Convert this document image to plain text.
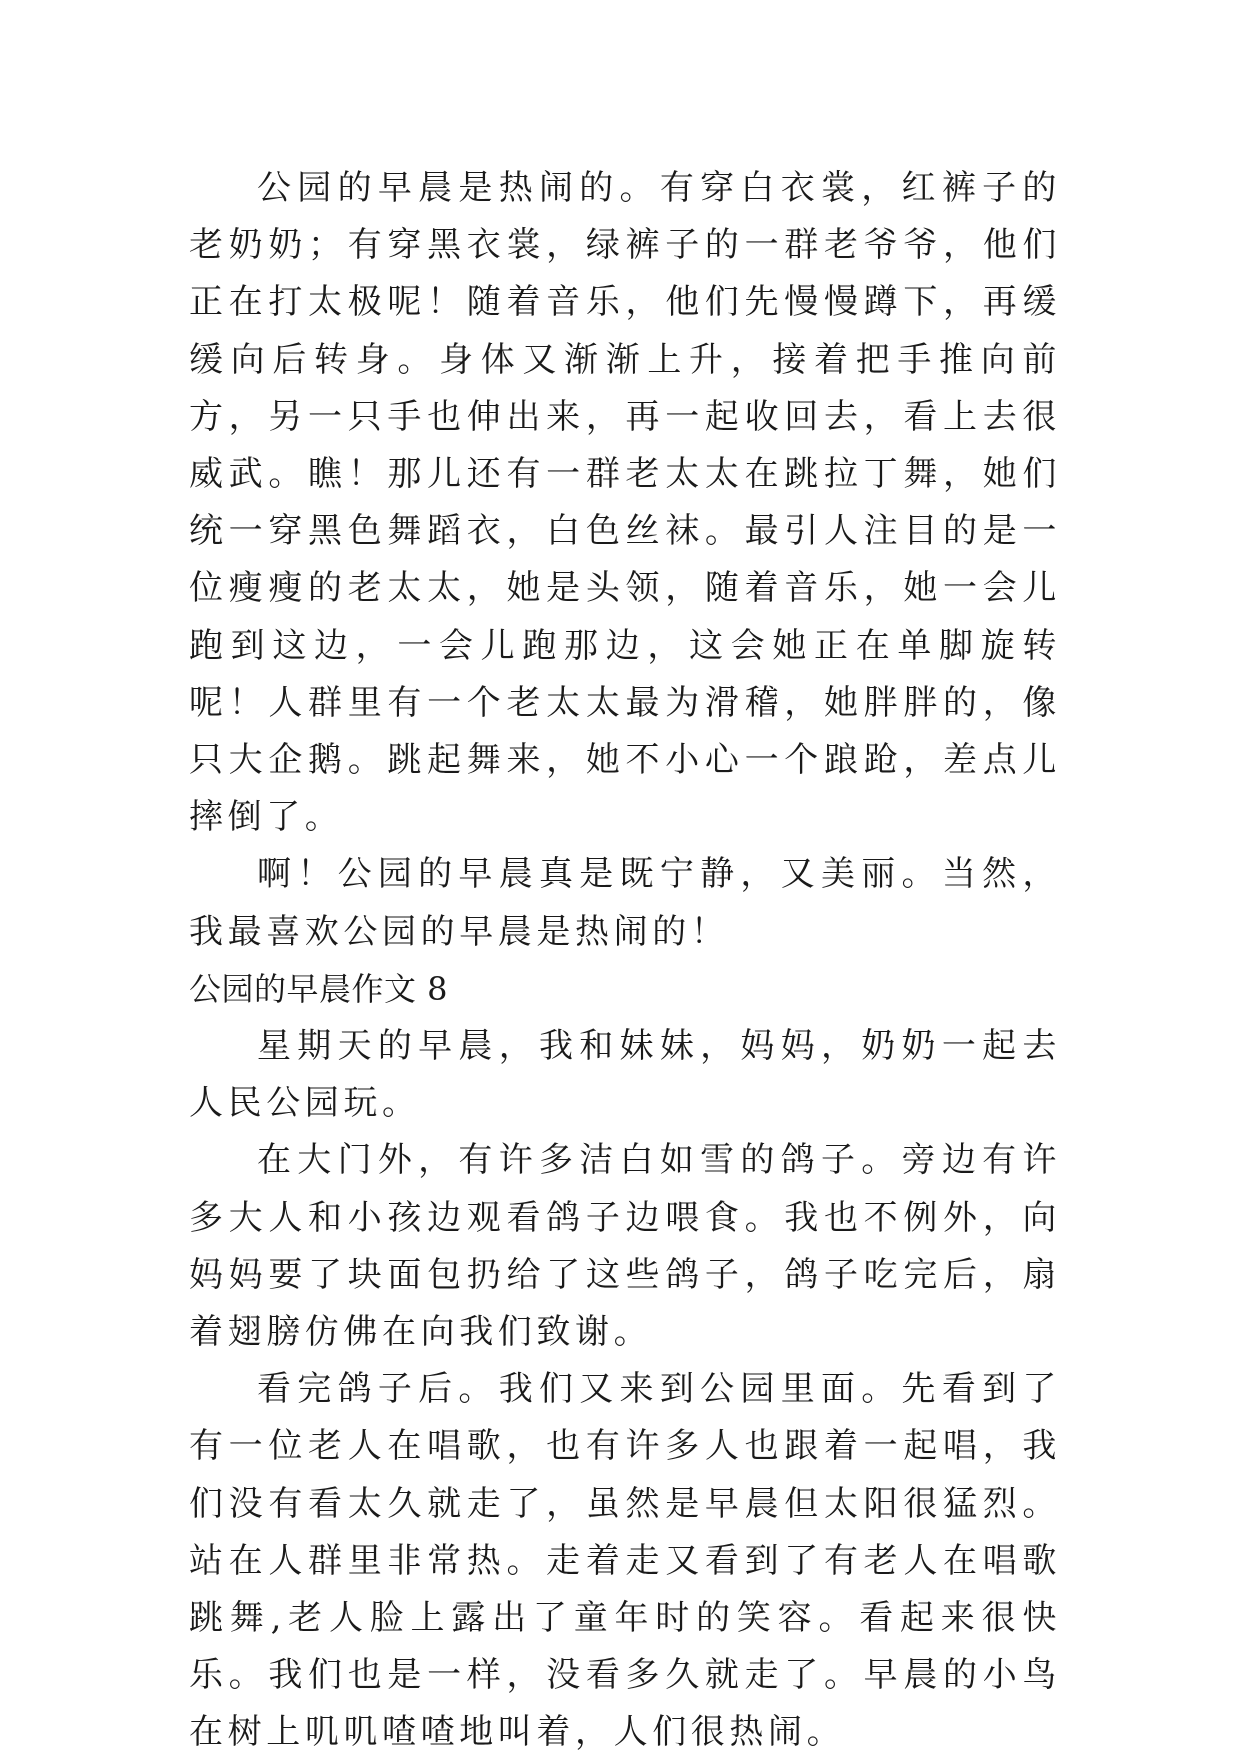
公园的早晨是热闹的。有穿白衣裳，红裤子的老奶奶；有穿黑衣裳，绿裤子的一群老爷爷，他们正在打太极呢！随着音乐，他们先慢慢蹲下，再缓缓向后转身。身体又渐渐上升，接着把手推向前方，另一只手也伸出来，再一起收回去，看上去很威武。瞧！那儿还有一群老太太在跳拉丁舞，她们统一穿黑色舞蹈衣，白色丝袜。最引人注目的是一位瘦瘦的老太太，她是头领，随着音乐，她一会儿跑到这边，一会儿跑那边，这会她正在单脚旋转呢！人群里有一个老太太最为滑稽，她胖胖的，像只大企鹅。跳起舞来，她不小心一个踉跄，差点儿摔倒了。

啊！公园的早晨真是既宁静，又美丽。当然，我最喜欢公园的早晨是热闹的！

公园的早晨作文 8

星期天的早晨，我和妹妹，妈妈，奶奶一起去人民公园玩。

在大门外，有许多洁白如雪的鸽子。旁边有许多大人和小孩边观看鸽子边喂食。我也不例外，向妈妈要了块面包扔给了这些鸽子，鸽子吃完后，扇着翅膀仿佛在向我们致谢。

看完鸽子后。我们又来到公园里面。先看到了有一位老人在唱歌，也有许多人也跟着一起唱，我们没有看太久就走了，虽然是早晨但太阳很猛烈。站在人群里非常热。走着走又看到了有老人在唱歌跳舞,老人脸上露出了童年时的笑容。看起来很快乐。我们也是一样，没看多久就走了。早晨的小鸟在树上叽叽喳喳地叫着，人们很热闹。
